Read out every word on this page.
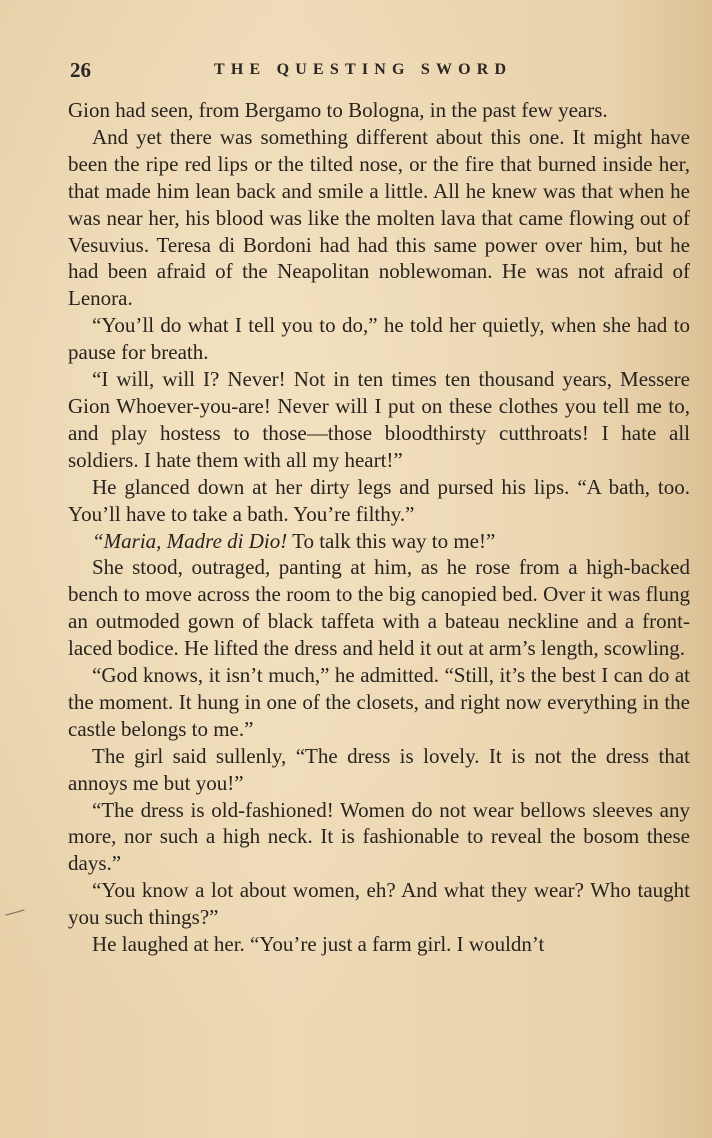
26	THE QUESTING SWORD

Gion had seen, from Bergamo to Bologna, in the past few years.

And yet there was something different about this one. It might have been the ripe red lips or the tilted nose, or the fire that burned inside her, that made him lean back and smile a little. All he knew was that when he was near her, his blood was like the molten lava that came flowing out of Vesuvius. Teresa di Bordoni had had this same power over him, but he had been afraid of the Neapolitan noblewoman. He was not afraid of Lenora.

“You’ll do what I tell you to do,” he told her quietly, when she had to pause for breath.

“I will, will I? Never! Not in ten times ten thousand years, Messere Gion Whoever-you-are! Never will I put on these clothes you tell me to, and play hostess to those—those bloodthirsty cutthroats! I hate all soldiers. I hate them with all my heart!”

He glanced down at her dirty legs and pursed his lips. “A bath, too. You’ll have to take a bath. You’re filthy.”

“Maria, Madre di Dio! To talk this way to me!”

She stood, outraged, panting at him, as he rose from a high-backed bench to move across the room to the big canopied bed. Over it was flung an outmoded gown of black taffeta with a bateau neckline and a front-laced bodice. He lifted the dress and held it out at arm’s length, scowling.

“God knows, it isn’t much,” he admitted. “Still, it’s the best I can do at the moment. It hung in one of the closets, and right now everything in the castle belongs to me.”

The girl said sullenly, “The dress is lovely. It is not the dress that annoys me but you!”

“The dress is old-fashioned! Women do not wear bellows sleeves any more, nor such a high neck. It is fashionable to reveal the bosom these days.”

“You know a lot about women, eh? And what they wear? Who taught you such things?”

He laughed at her. “You’re just a farm girl. I wouldn’t
